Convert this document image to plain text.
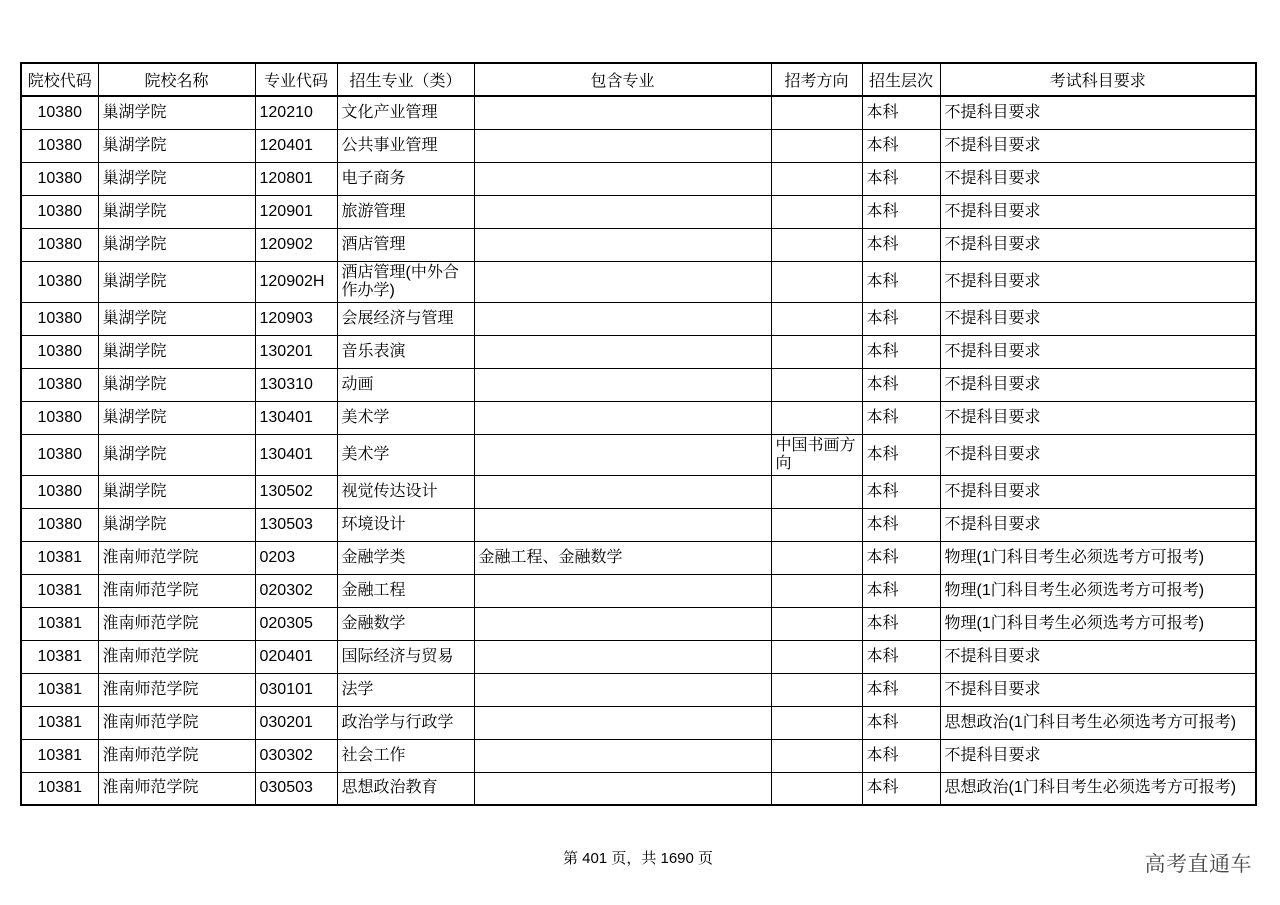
院校代码	院校名称	专业代码	招生专业（类）	包含专业	招考方向	招生层次	考试科目要求
10380	巢湖学院	120210	文化产业管理			本科	不提科目要求
10380	巢湖学院	120401	公共事业管理			本科	不提科目要求
10380	巢湖学院	120801	电子商务			本科	不提科目要求
10380	巢湖学院	120901	旅游管理			本科	不提科目要求
10380	巢湖学院	120902	酒店管理			本科	不提科目要求
10380	巢湖学院	120902H	酒店管理(中外合作办学)			本科	不提科目要求
10380	巢湖学院	120903	会展经济与管理			本科	不提科目要求
10380	巢湖学院	130201	音乐表演			本科	不提科目要求
10380	巢湖学院	130310	动画			本科	不提科目要求
10380	巢湖学院	130401	美术学			本科	不提科目要求
10380	巢湖学院	130401	美术学		中国书画方向	本科	不提科目要求
10380	巢湖学院	130502	视觉传达设计			本科	不提科目要求
10380	巢湖学院	130503	环境设计			本科	不提科目要求
10381	淮南师范学院	0203	金融学类	金融工程、金融数学		本科	物理(1门科目考生必须选考方可报考)
10381	淮南师范学院	020302	金融工程			本科	物理(1门科目考生必须选考方可报考)
10381	淮南师范学院	020305	金融数学			本科	物理(1门科目考生必须选考方可报考)
10381	淮南师范学院	020401	国际经济与贸易			本科	不提科目要求
10381	淮南师范学院	030101	法学			本科	不提科目要求
10381	淮南师范学院	030201	政治学与行政学			本科	思想政治(1门科目考生必须选考方可报考)
10381	淮南师范学院	030302	社会工作			本科	不提科目要求
10381	淮南师范学院	030503	思想政治教育			本科	思想政治(1门科目考生必须选考方可报考)
第 401 页，共 1690 页	高考直通车
